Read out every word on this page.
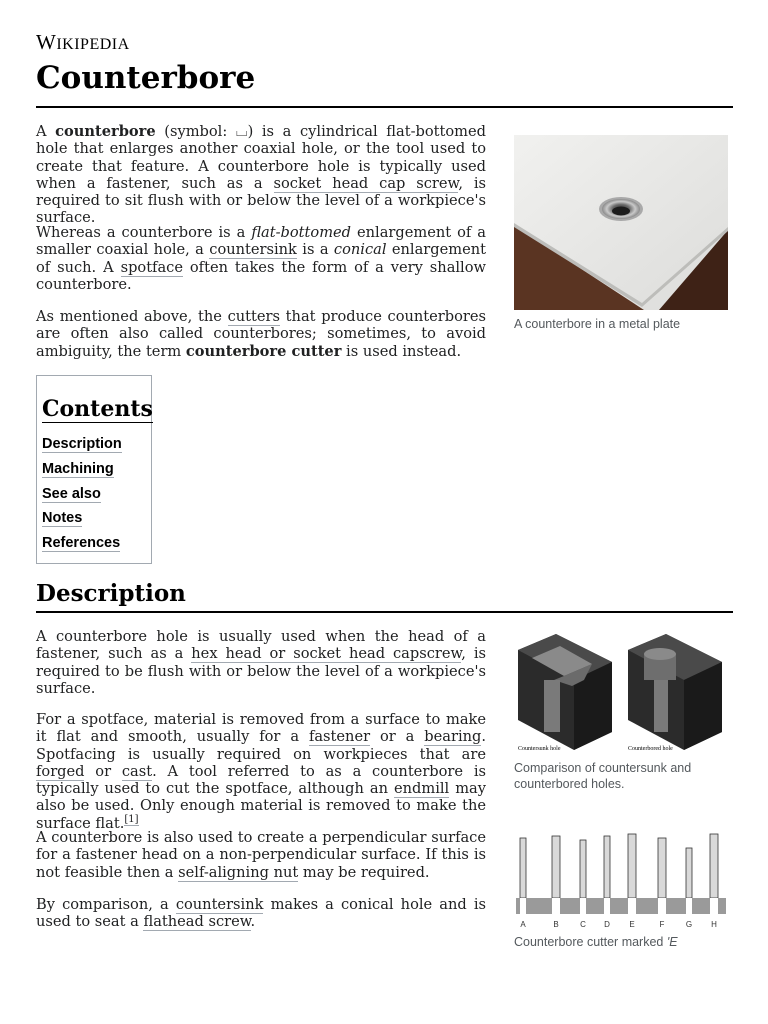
WIKIPEDIA
Counterbore

A counterbore (symbol: ⌴) is a cylindrical flat-bottomed hole that enlarges another coaxial hole, or the tool used to create that feature. A counterbore hole is typically used when a fastener, such as a socket head cap screw, is required to sit flush with or below the level of a workpiece's surface.

Whereas a counterbore is a flat-bottomed enlargement of a smaller coaxial hole, a countersink is a conical enlargement of such. A spotface often takes the form of a very shallow counterbore.

As mentioned above, the cutters that produce counterbores are often also called counterbores; sometimes, to avoid ambiguity, the term counterbore cutter is used instead.

A counterbore in a metal plate
Contents
Description
Machining
See also
Notes
References
Description

A counterbore hole is usually used when the head of a fastener, such as a hex head or socket head capscrew, is required to be flush with or below the level of a workpiece's surface.

For a spotface, material is removed from a surface to make it flat and smooth, usually for a fastener or a bearing. Spotfacing is usually required on workpieces that are forged or cast. A tool referred to as a counterbore is typically used to cut the spotface, although an endmill may also be used. Only enough material is removed to make the surface flat.[1]

A counterbore is also used to create a perpendicular surface for a fastener head on a non-perpendicular surface. If this is not feasible then a self-aligning nut may be required.

By comparison, a countersink makes a conical hole and is used to seat a flathead screw.

Countersunk hole	Counterbored hole
Comparison of countersunk and counterbored holes.
A	B	C D E	F	G H
Counterbore cutter marked 'E
